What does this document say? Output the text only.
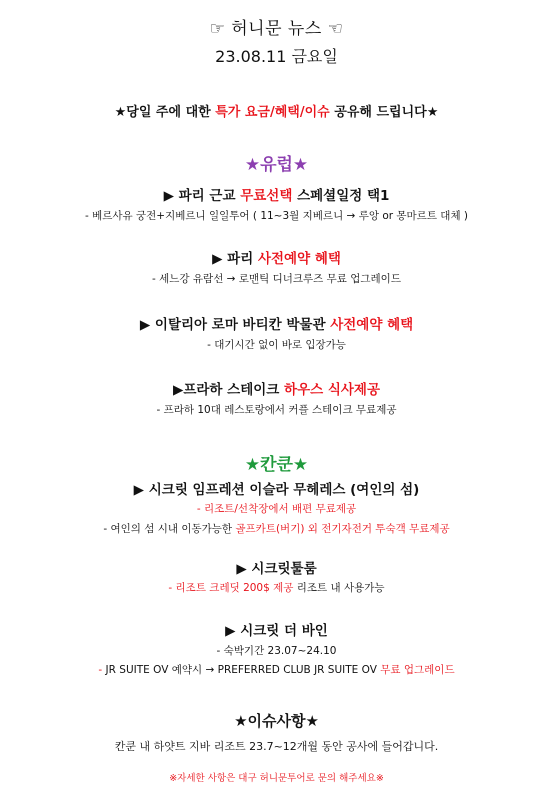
☞ 허니문 뉴스 ☜
23.08.11 금요일
★당일 주에 대한 특가 요금/혜택/이슈 공유해 드립니다★
★유럽★
▶ 파리 근교 무료선택 스페셜일정 택1
- 베르사유 궁전+지베르니 일일투어 ( 11~3월 지베르니 → 루앙 or 몽마르트 대체 )
▶ 파리 사전예약 혜택
- 세느강 유람선 → 로맨틱 디너크루즈 무료 업그레이드
▶ 이탈리아 로마 바티칸 박물관 사전예약 혜택
- 대기시간 없이 바로 입장가능
▶프라하 스테이크 하우스 식사제공
- 프라하 10대 레스토랑에서 커플 스테이크 무료제공
★칸쿤★
▶ 시크릿 임프레션 이슬라 무헤레스 (여인의 섬)
- 리조트/선착장에서 배편 무료제공
- 여인의 섬 시내 이동가능한 골프카트(버기) 외 전기자전거 투숙객 무료제공
▶ 시크릿툴룸
- 리조트 크레딧 200$ 제공 리조트 내 사용가능
▶ 시크릿 더 바인
- 숙박기간 23.07~24.10
- JR SUITE OV 예약시 → PREFERRED CLUB JR SUITE OV 무료 업그레이드
★이슈사항★
칸쿤 내 하얏트 지바 리조트 23.7~12개월 동안 공사에 들어갑니다.
※자세한 사항은 대구 허니문투어로 문의 해주세요※
